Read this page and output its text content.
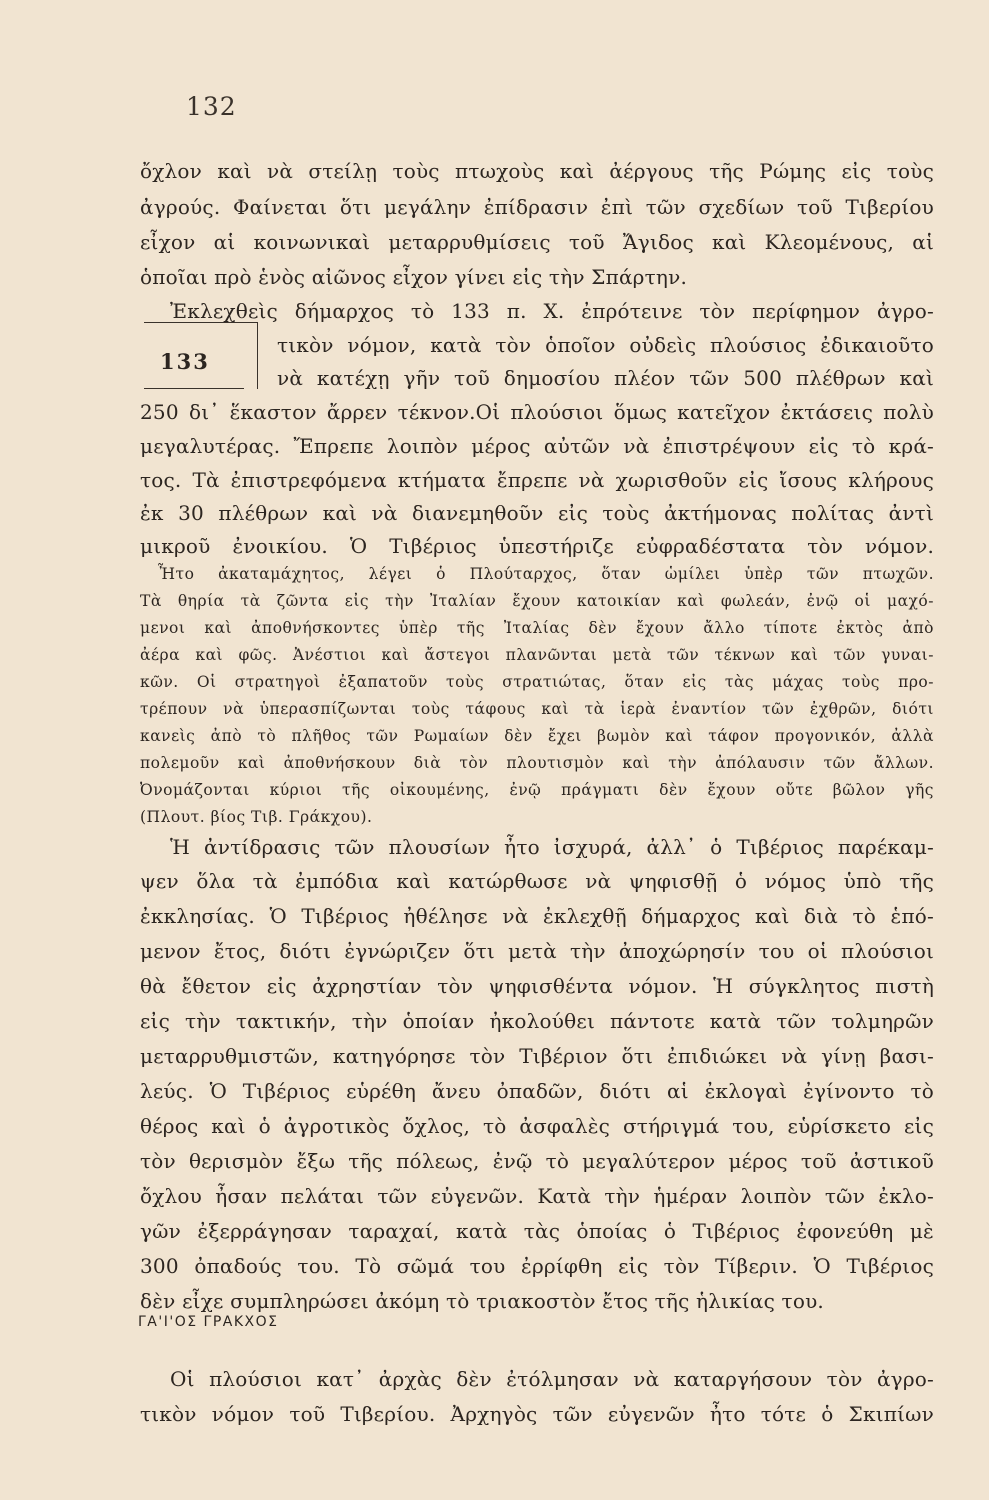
132
133
ὄχλον καὶ νὰ στείλῃ τοὺς πτωχοὺς καὶ ἀέργους τῆς Ρώμης εἰς τοὺς
ἀγρούς. Φαίνεται ὅτι μεγάλην ἐπίδρασιν ἐπὶ τῶν σχεδίων τοῦ Τιβερίου
εἶχον αἱ κοινωνικαὶ μεταρρυθμίσεις τοῦ Ἄγιδος καὶ Κλεομένους, αἱ
ὁποῖαι πρὸ ἑνὸς αἰῶνος εἶχον γίνει εἰς τὴν Σπάρτην.
Ἐκλεχθεὶς δήμαρχος τὸ 133 π. Χ. ἐπρότεινε τὸν περίφημον ἀγρο-
τικὸν νόμον, κατὰ τὸν ὁποῖον οὐδεὶς πλούσιος ἐδικαιοῦτο
νὰ κατέχῃ γῆν τοῦ δημοσίου πλέον τῶν 500 πλέθρων καὶ
250 δι᾽ ἕκαστον ἄρρεν τέκνον.Οἱ πλούσιοι ὅμως κατεῖχον ἐκτάσεις πολὺ
μεγαλυτέρας. Ἔπρεπε λοιπὸν μέρος αὐτῶν νὰ ἐπιστρέψουν εἰς τὸ κρά-
τος. Τὰ ἐπιστρεφόμενα κτήματα ἔπρεπε νὰ χωρισθοῦν εἰς ἴσους κλήρους
ἐκ 30 πλέθρων καὶ νὰ διανεμηθοῦν εἰς τοὺς ἀκτήμονας πολίτας ἀντὶ
μικροῦ ἐνοικίου. Ὁ Τιβέριος ὑπεστήριζε εὐφραδέστατα τὸν νόμον.
Ἦτο ἀκαταμάχητος, λέγει ὁ Πλούταρχος, ὅταν ὡμίλει ὑπὲρ τῶν πτωχῶν.
Τὰ θηρία τὰ ζῶντα εἰς τὴν Ἰταλίαν ἔχουν κατοικίαν καὶ φωλεάν, ἐνῷ οἱ μαχό-
μενοι καὶ ἀποθνήσκοντες ὑπὲρ τῆς Ἰταλίας δὲν ἔχουν ἄλλο τίποτε ἐκτὸς ἀπὸ
ἀέρα καὶ φῶς. Ἀνέστιοι καὶ ἄστεγοι πλανῶνται μετὰ τῶν τέκνων καὶ τῶν γυναι-
κῶν. Οἱ στρατηγοὶ ἐξαπατοῦν τοὺς στρατιώτας, ὅταν εἰς τὰς μάχας τοὺς προ-
τρέπουν νὰ ὑπερασπίζωνται τοὺς τάφους καὶ τὰ ἱερὰ ἐναντίον τῶν ἐχθρῶν, διότι
κανεὶς ἀπὸ τὸ πλῆθος τῶν Ρωμαίων δὲν ἔχει βωμὸν καὶ τάφον προγονικόν, ἀλλὰ
πολεμοῦν καὶ ἀποθνήσκουν διὰ τὸν πλουτισμὸν καὶ τὴν ἀπόλαυσιν τῶν ἄλλων.
Ὀνομάζονται κύριοι τῆς οἰκουμένης, ἐνῷ πράγματι δὲν ἔχουν οὔτε βῶλον γῆς
(Πλουτ. βίος Τιβ. Γράκχου).
Ἡ ἀντίδρασις τῶν πλουσίων ἦτο ἰσχυρά, ἀλλ᾽ ὁ Τιβέριος παρέκαμ-
ψεν ὅλα τὰ ἐμπόδια καὶ κατώρθωσε νὰ ψηφισθῇ ὁ νόμος ὑπὸ τῆς
ἐκκλησίας. Ὁ Τιβέριος ἠθέλησε νὰ ἐκλεχθῇ δήμαρχος καὶ διὰ τὸ ἑπό-
μενον ἔτος, διότι ἐγνώριζεν ὅτι μετὰ τὴν ἀποχώρησίν του οἱ πλούσιοι
θὰ ἔθετον εἰς ἀχρηστίαν τὸν ψηφισθέντα νόμον. Ἡ σύγκλητος πιστὴ
εἰς τὴν τακτικήν, τὴν ὁποίαν ἠκολούθει πάντοτε κατὰ τῶν τολμηρῶν
μεταρρυθμιστῶν, κατηγόρησε τὸν Τιβέριον ὅτι ἐπιδιώκει νὰ γίνῃ βασι-
λεύς. Ὁ Τιβέριος εὑρέθη ἄνευ ὀπαδῶν, διότι αἱ ἐκλογαὶ ἐγίνοντο τὸ
θέρος καὶ ὁ ἀγροτικὸς ὄχλος, τὸ ἀσφαλὲς στήριγμά του, εὑρίσκετο εἰς
τὸν θερισμὸν ἔξω τῆς πόλεως, ἐνῷ τὸ μεγαλύτερον μέρος τοῦ ἀστικοῦ
ὄχλου ἦσαν πελάται τῶν εὐγενῶν. Κατὰ τὴν ἡμέραν λοιπὸν τῶν ἐκλο-
γῶν ἐξερράγησαν ταραχαί, κατὰ τὰς ὁποίας ὁ Τιβέριος ἐφονεύθη μὲ
300 ὀπαδούς του. Τὸ σῶμά του ἐρρίφθη εἰς τὸν Τίβεριν. Ὁ Τιβέριος
δὲν εἶχε συμπληρώσει ἀκόμη τὸ τριακοστὸν ἔτος τῆς ἡλικίας του.
ΓΑ'Ι'ΟΣ ΓΡΑΚΧΟΣ
Οἱ πλούσιοι κατ᾽ ἀρχὰς δὲν ἐτόλμησαν νὰ καταργήσουν τὸν ἀγρο-
τικὸν νόμον τοῦ Τιβερίου. Ἀρχηγὸς τῶν εὐγενῶν ἦτο τότε ὁ Σκιπίων
